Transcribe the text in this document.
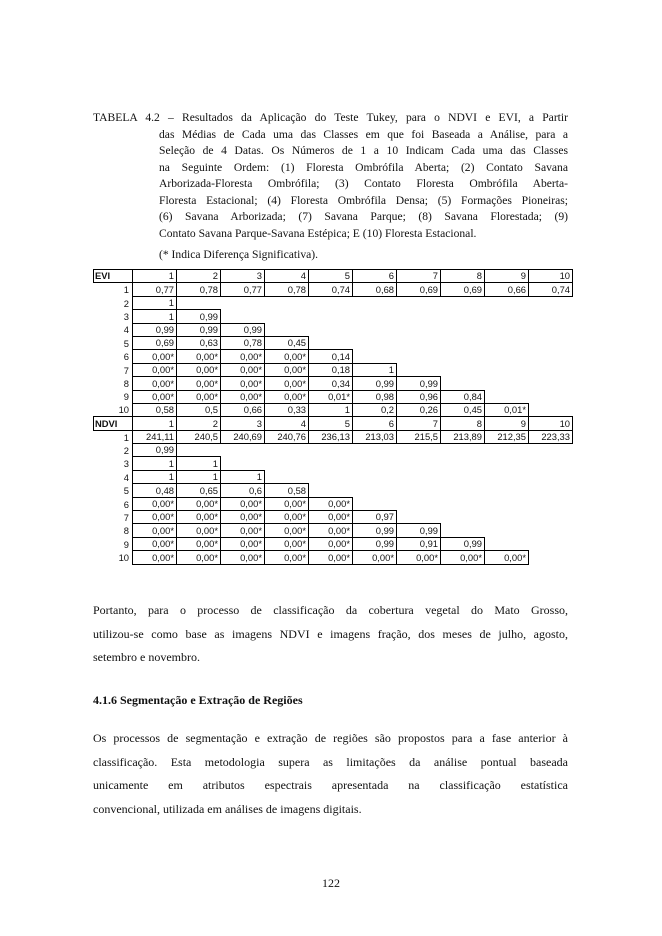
TABELA 4.2 – Resultados da Aplicação do Teste Tukey, para o NDVI e EVI, a Partir
das Médias de Cada uma das Classes em que foi Baseada a Análise, para a
Seleção de 4 Datas. Os Números de 1 a 10 Indicam Cada uma das Classes
na Seguinte Ordem: (1) Floresta Ombrófila Aberta; (2) Contato Savana
Arborizada-Floresta Ombrófila; (3) Contato Floresta Ombrófila Aberta-
Floresta Estacional; (4) Floresta Ombrófila Densa; (5) Formações Pioneiras;
(6) Savana Arborizada; (7) Savana Parque; (8) Savana Florestada; (9)
Contato Savana Parque-Savana Estépica; E (10) Floresta Estacional.
(* Indica Diferença Significativa).
EVI	1	2	3	4	5	6	7	8	9	10
1	0,77	0,78	0,77	0,78	0,74	0,68	0,69	0,69	0,66	0,74
2	1									
3	1	0,99								
4	0,99	0,99	0,99							
5	0,69	0,63	0,78	0,45						
6	0,00*	0,00*	0,00*	0,00*	0,14					
7	0,00*	0,00*	0,00*	0,00*	0,18	1				
8	0,00*	0,00*	0,00*	0,00*	0,34	0,99	0,99			
9	0,00*	0,00*	0,00*	0,00*	0,01*	0,98	0,96	0,84		
10	0,58	0,5	0,66	0,33	1	0,2	0,26	0,45	0,01*	
NDVI	1	2	3	4	5	6	7	8	9	10
1	241,11	240,5	240,69	240,76	236,13	213,03	215,5	213,89	212,35	223,33
2	0,99									
3	1	1								
4	1	1	1							
5	0,48	0,65	0,6	0,58						
6	0,00*	0,00*	0,00*	0,00*	0,00*					
7	0,00*	0,00*	0,00*	0,00*	0,00*	0,97				
8	0,00*	0,00*	0,00*	0,00*	0,00*	0,99	0,99			
9	0,00*	0,00*	0,00*	0,00*	0,00*	0,99	0,91	0,99		
10	0,00*	0,00*	0,00*	0,00*	0,00*	0,00*	0,00*	0,00*	0,00*	
Portanto, para o processo de classificação da cobertura vegetal do Mato Grosso,
utilizou-se como base as imagens NDVI e imagens fração, dos meses de julho, agosto,
setembro e novembro.
4.1.6 Segmentação e Extração de Regiões
Os processos de segmentação e extração de regiões são propostos para a fase anterior à
classificação. Esta metodologia supera as limitações da análise pontual baseada
unicamente em atributos espectrais apresentada na classificação estatística
convencional, utilizada em análises de imagens digitais.
122
